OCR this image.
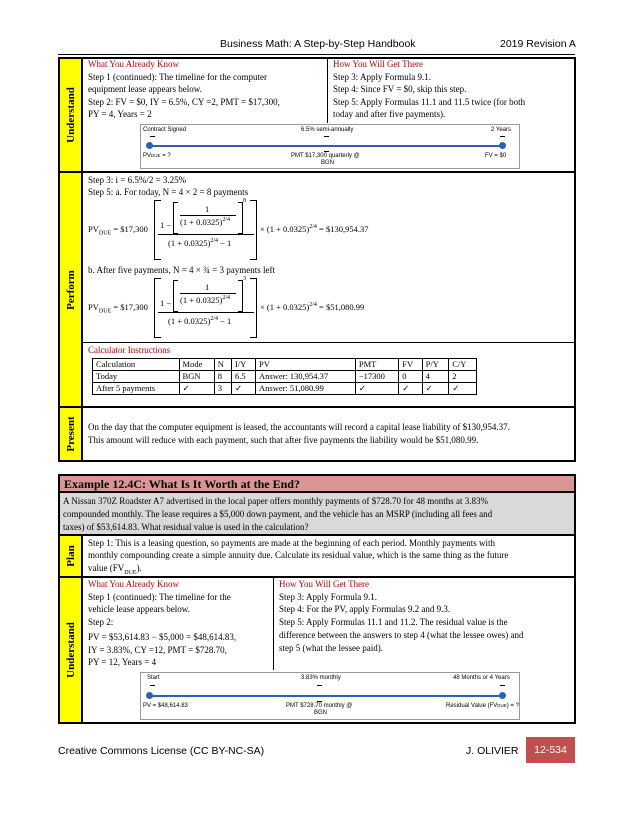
Business Math: A Step-by-Step Handbook	2019 Revision A
Understand
What You Already Know
Step 1 (continued): The timeline for the computer
equipment lease appears below.
Step 2: FV = $0, IY = 6.5%, CY =2, PMT = $17,300,
PY = 4, Years = 2
How You Will Get There
Step 3: Apply Formula 9.1.
Step 4: Since FV = $0, skip this step.
Step 5: Apply Formulas 11.1 and 11.5 twice (for both
today and after five payments).
Contract Signed	6.5% semi-annually	2 Years
PVDUE = ?	PMT $17,300 quarterly @
BGN
FV = $0
Perform
Step 3: i = 6.5%/2 = 3.25%
Step 5: a. For today, N = 4 × 2 = 8 payments
$PV_{DUE}$ = $17,300 1 −
1
$(1 + 0.0325)^{2/4}$
8
$(1 + 0.0325)^{2/4} - 1$
× $(1 + 0.0325)^{2/4}$ = $130,954.37
b. After five payments, N = 4 × ¾ = 3 payments left
$PV_{DUE}$ = $17,300 1 −
1
$(1 + 0.0325)^{2/4}$
3
$(1 + 0.0325)^{2/4} - 1$
× $(1 + 0.0325)^{2/4}$ = $51,080.99
Calculator Instructions
Calculation	Mode	N	I/Y	PV	PMT	FV	P/Y	C/Y
Today	BGN	8	6.5	Answer: 130,954.37	−17300	0	4	2
After 5 payments	✓	3	✓	Answer: 51,080.99	✓	✓	✓	✓
Present On the day that the computer equipment is leased, the accountants will record a capital lease liability of $130,954.37.
This amount will reduce with each payment, such that after five payments the liability would be $51,080.99.
Example 12.4C: What Is It Worth at the End?
A Nissan 370Z Roadster A7 advertised in the local paper offers monthly payments of $728.70 for 48 months at 3.83%
compounded monthly. The lease requires a $5,000 down payment, and the vehicle has an MSRP (including all fees and
taxes) of $53,614.83. What residual value is used in the calculation?
Plan
Step 1: This is a leasing question, so payments are made at the beginning of each period. Monthly payments with
monthly compounding create a simple annuity due. Calculate its residual value, which is the same thing as the future
value $(FV_{DUE})$.
Understand
What You Already Know
Step 1 (continued): The timeline for the
vehicle lease appears below.
Step 2:
PV = $53,614.83 − $5,000 = $48,614.83,
IY = 3.83%, CY =12, PMT = $728.70,
PY = 12, Years = 4
How You Will Get There
Step 3: Apply Formula 9.1.
Step 4: For the PV, apply Formulas 9.2 and 9.3.
Step 5: Apply Formulas 11.1 and 11.2. The residual value is the
difference between the answers to step 4 (what the lessee owes) and
step 5 (what the lessee paid).
Start	3.83% monthly	48 Months or 4 Years
PV = $48,614.83	PMT $728.70 monthly @
BGN
Residual Value (FVDUE) = ?
Creative Commons License (CC BY-NC-SA)	J. OLIVIER	12-534
